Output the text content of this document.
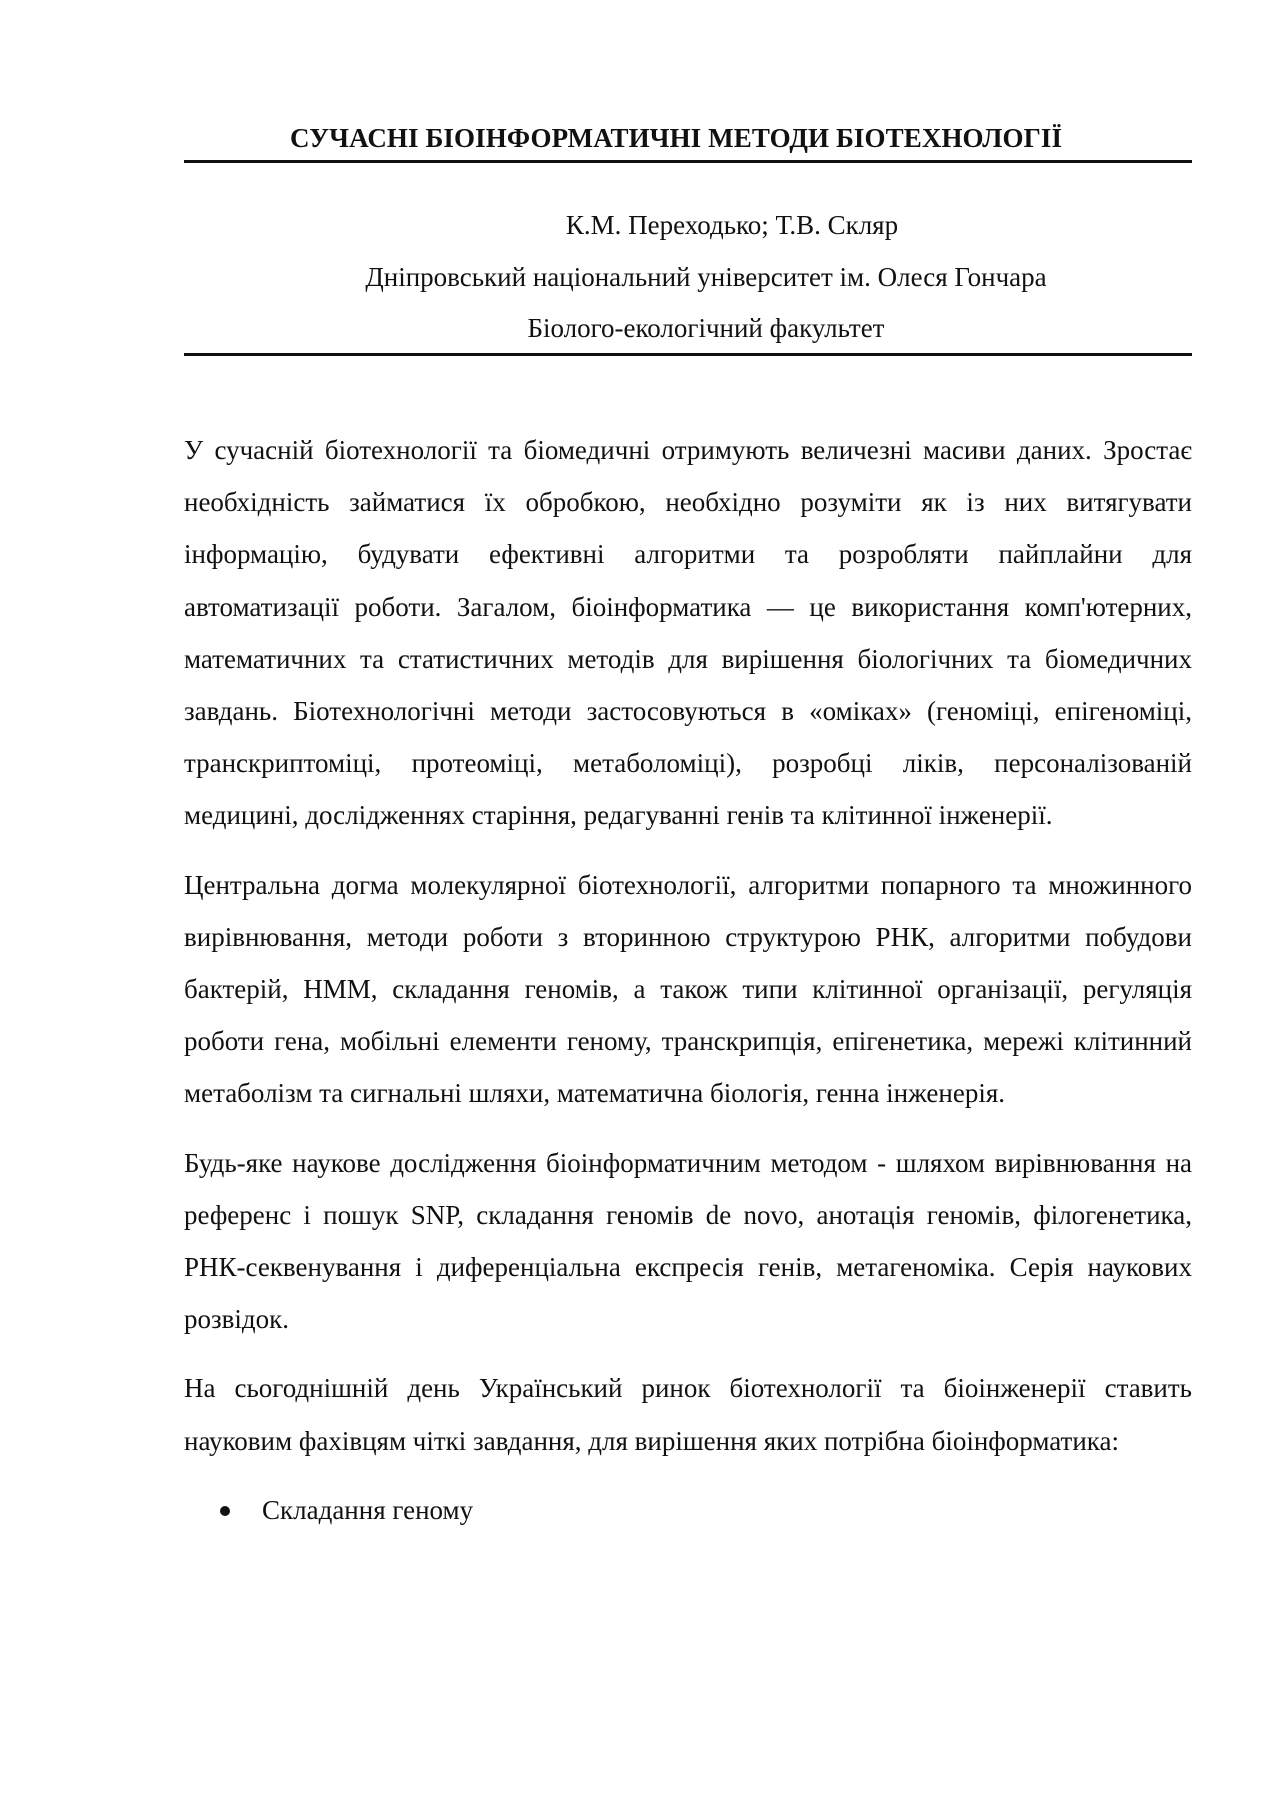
СУЧАСНІ БІОІНФОРМАТИЧНІ МЕТОДИ БІОТЕХНОЛОГІЇ
К.М. Переходько; Т.В. Скляр
Дніпровський національний університет ім. Олеся Гончара
Біолого-екологічний факультет

У сучасній біотехнології та біомедичні отримують величезні масиви даних. Зростає необхідність займатися їх обробкою, необхідно розуміти як із них витягувати інформацію, будувати ефективні алгоритми та розробляти пайплайни для автоматизації роботи. Загалом, біоінформатика — це використання комп'ютерних, математичних та статистичних методів для вирішення біологічних та біомедичних завдань. Біотехнологічні методи застосовуються в «оміках» (геноміці, епігеноміці, транскриптоміці, протеоміці, метаболоміці), розробці ліків, персоналізованій медицині, дослідженнях старіння, редагуванні генів та клітинної інженерії.

Центральна догма молекулярної біотехнології, алгоритми попарного та множинного вирівнювання, методи роботи з вторинною структурою РНК, алгоритми побудови бактерій, HMM, складання геномів, а також типи клітинної організації, регуляція роботи гена, мобільні елементи геному, транскрипція, епігенетика, мережі клітинний метаболізм та сигнальні шляхи, математична біологія, генна інженерія.

Будь-яке наукове дослідження біоінформатичним методом - шляхом вирівнювання на референс і пошук SNP, складання геномів de novo, анотація геномів, філогенетика, РНК-секвенування і диференціальна експресія генів, метагеноміка. Серія наукових розвідок.

На сьогоднішній день Український ринок біотехнології та біоінженерії ставить науковим фахівцям чіткі завдання, для вирішення яких потрібна біоінформатика:

Складання геному
